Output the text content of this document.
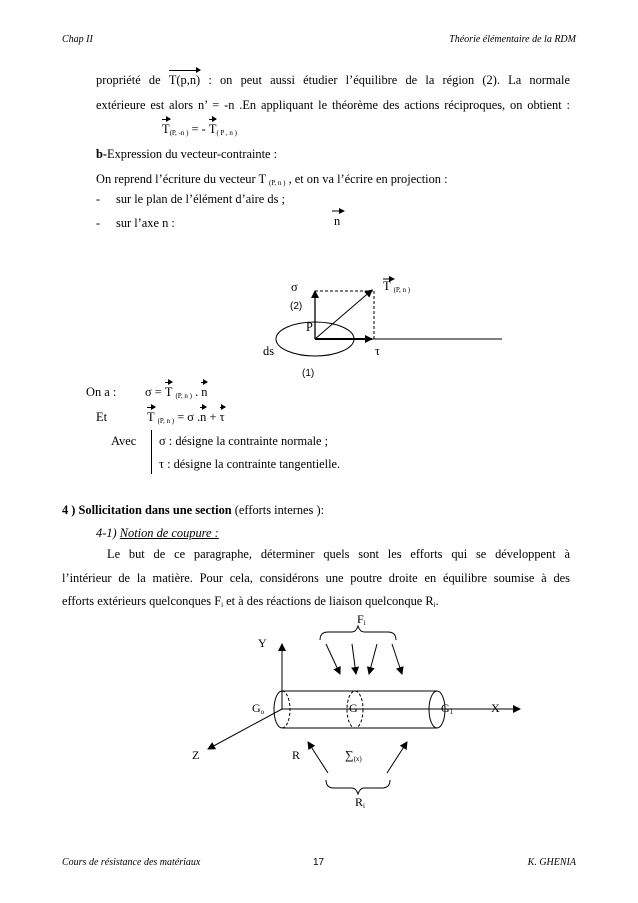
Chap II	Théorie élémentaire de la RDM
propriété de T(p,n) : on peut aussi étudier l’équilibre de la région (2). La normale
extérieure est alors n’ = -n .En appliquant le théorème des actions réciproques, on obtient :
$T_{(P, -n )}$ = - $T_{( P , n )}$
b-Expression du vecteur-contrainte :
On reprend l’écriture du vecteur T $_{(P, n )}$ , et on va l’écrire en projection :
- sur le plan de l’élément d’aire ds ;
- sur l’axe n :	n
σ	T $_{(P, n )}$
(2)
P
ds	τ
(1)
On a : σ = T $_{(P, n )}$ . n
Et	T $_{(P, n )}$ = σ .n + τ
Avec σ : désigne la contrainte normale ;
τ : désigne la contrainte tangentielle.
4 ) Sollicitation dans une section (efforts internes ):
4-1) Notion de coupure :
Le but de ce paragraphe, déterminer quels sont les efforts qui se développent à
l’intérieur de la matière. Pour cela, considérons une poutre droite en équilibre soumise à des
efforts extérieurs quelconques $F_i$ et à des réactions de liaison quelconque $R_i$.
$F_i$
Y
$G_o$	G	$G_1$	X
Z	R	$\sum_{(x)}$
$R_i$
Cours de résistance des matériaux	17	K. GHENIA
